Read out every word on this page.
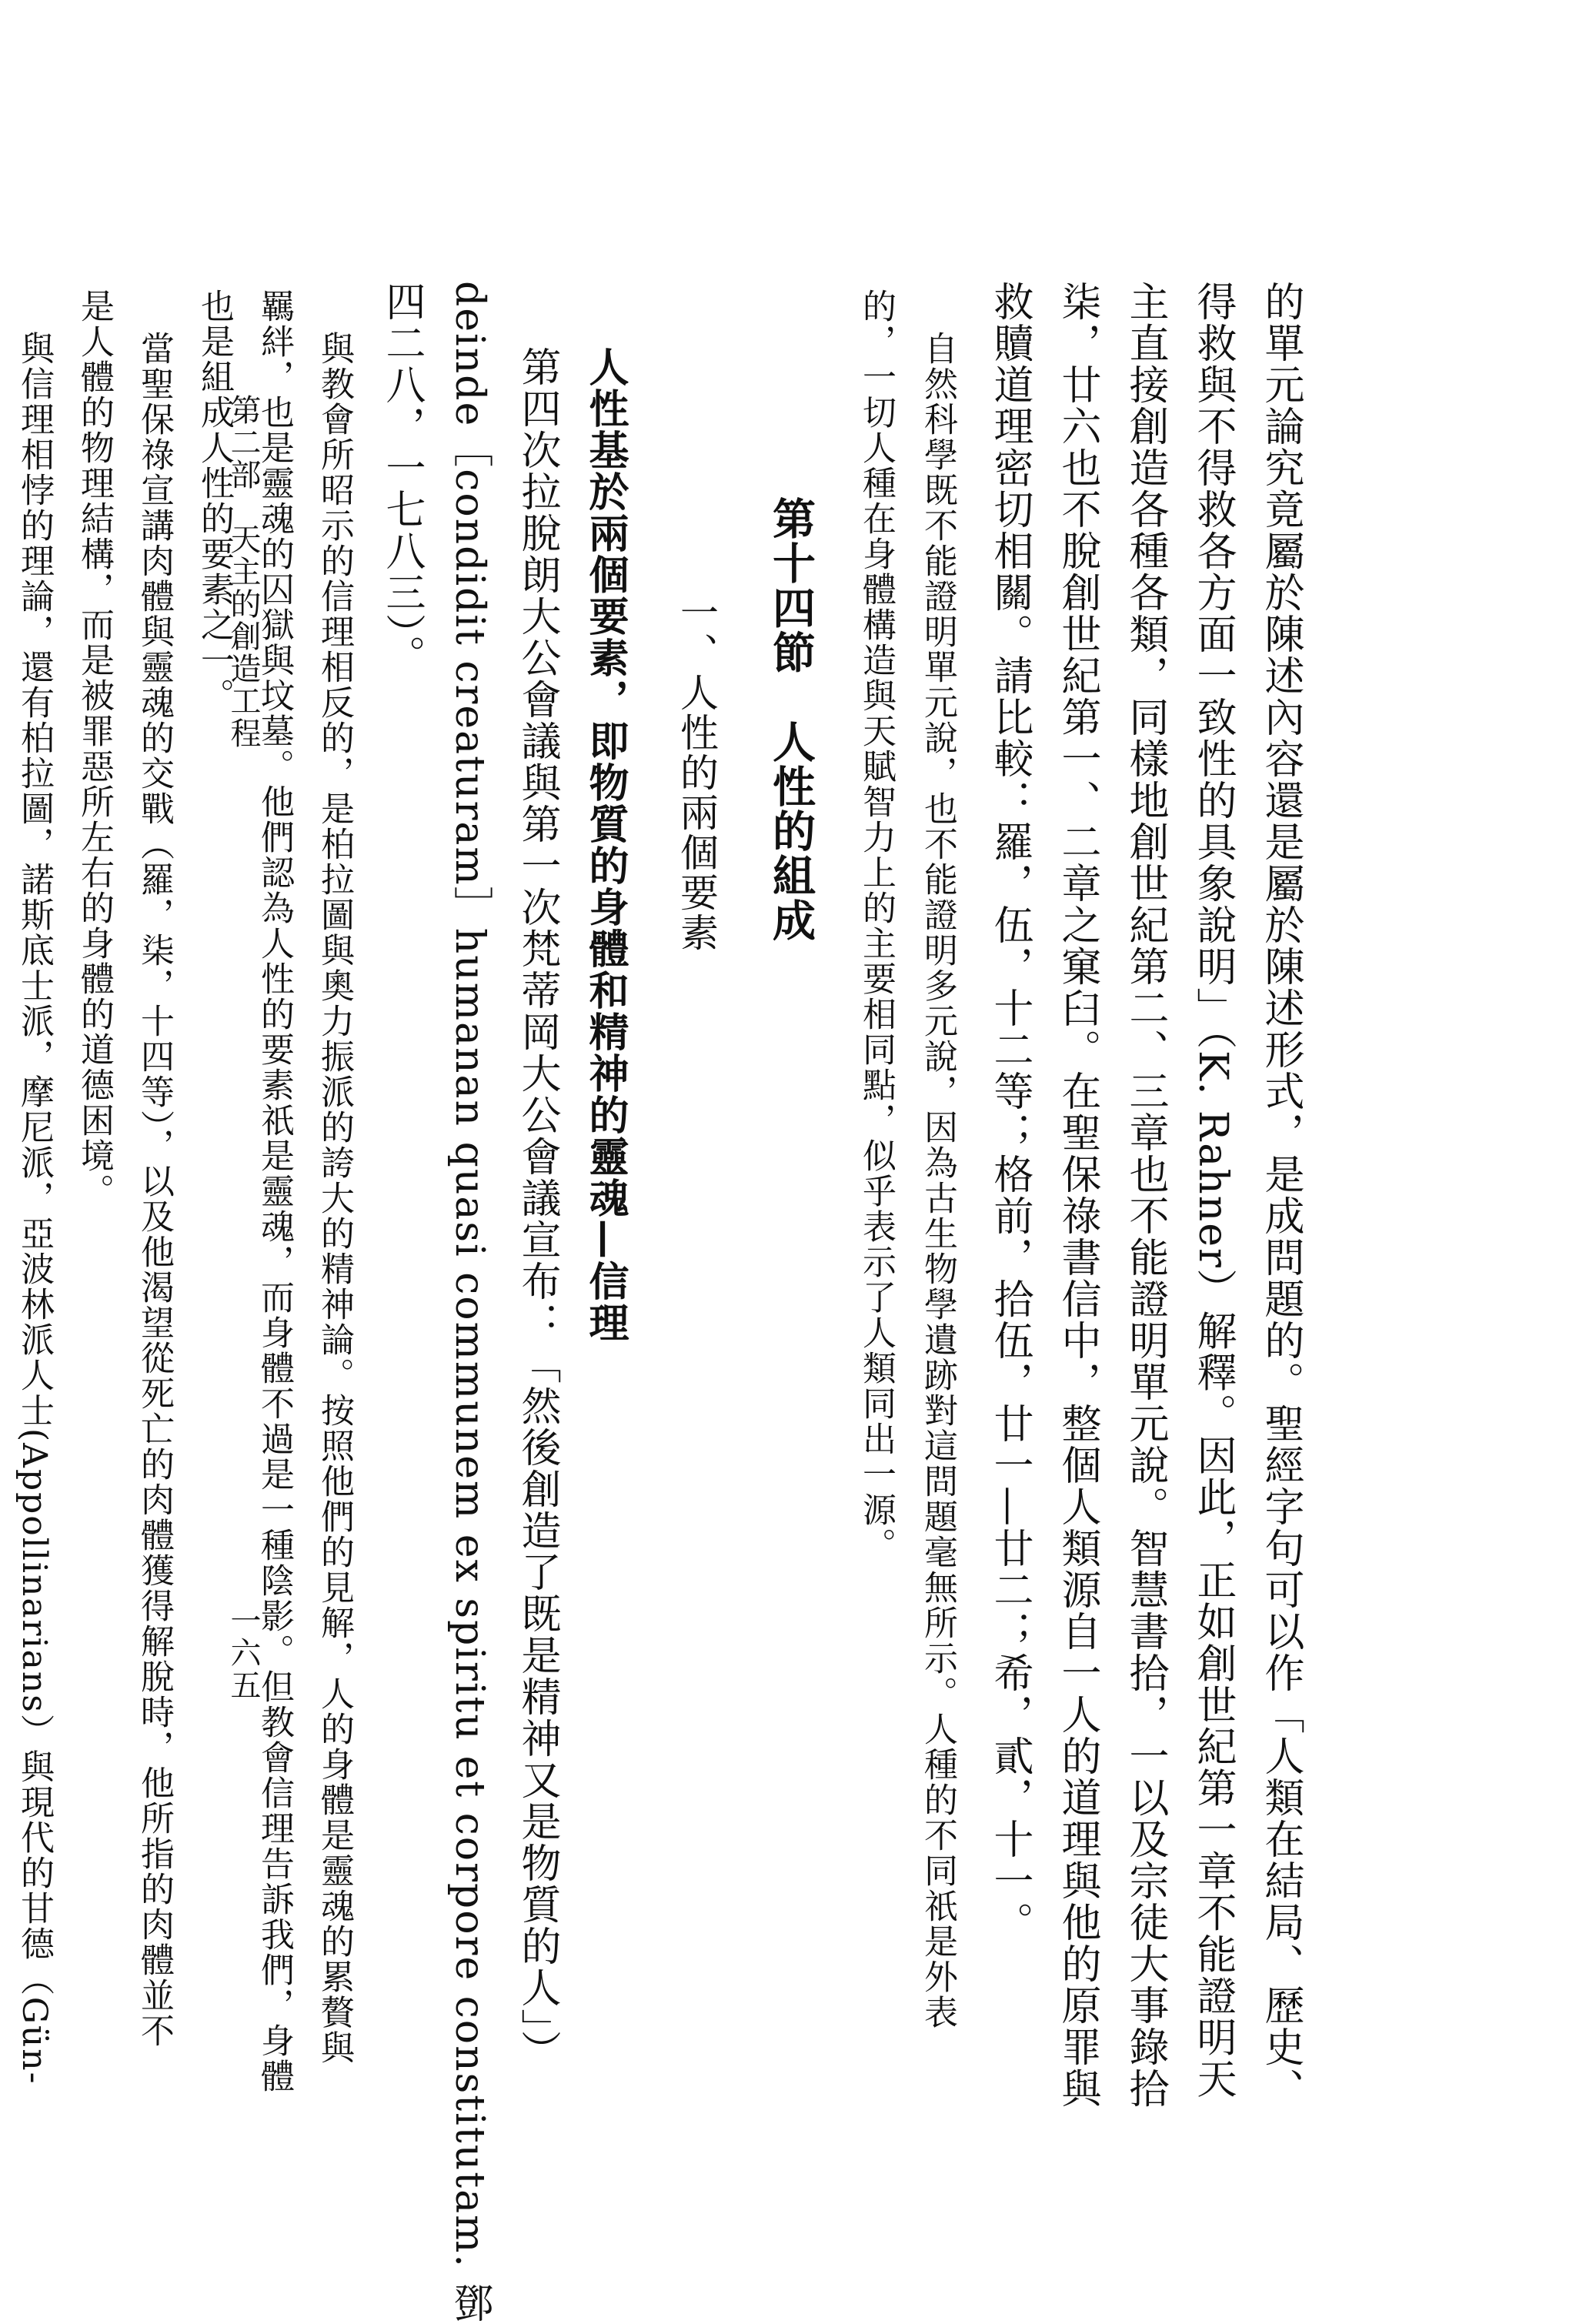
的單元論究竟屬於陳述內容還是屬於陳述形式，是成問題的。聖經字句可以作「人類在結局、歷史、
得救與不得救各方面一致性的具象說明」（K. Rahner）解釋。因此，正如創世紀第一章不能證明天
主直接創造各種各類，同樣地創世紀第二、三章也不能證明單元說。智慧書拾，一以及宗徒大事錄拾
柒，廿六也不脫創世紀第一、二章之窠臼。在聖保祿書信中，整個人類源自一人的道理與他的原罪與
救贖道理密切相關。請比較：羅，伍，十二等；格前，拾伍，廿一—廿二；希，貳，十一。
自然科學既不能證明單元說，也不能證明多元說，因為古生物學遺跡對這問題毫無所示。人種的不同祇是外表
的，一切人種在身體構造與天賦智力上的主要相同點，似乎表示了人類同出一源。
第十四節　人性的組成
一、人性的兩個要素
人性基於兩個要素，即物質的身體和精神的靈魂—信理
第四次拉脫朗大公會議與第一次梵蒂岡大公會議宣布：「然後創造了既是精神又是物質的人」）
deinde［condidit creaturam］humanan quasi communem ex spiritu et corpore constitutam. 鄧
四二八，一七八三）。
與教會所昭示的信理相反的，是柏拉圖與奧力振派的誇大的精神論。按照他們的見解，人的身體是靈魂的累贅與
羈絆，也是靈魂的囚獄與坟墓。他們認為人性的要素祇是靈魂，而身體不過是一種陰影。但教會信理告訴我們，身體
也是組成人性的要素之一。
當聖保祿宣講肉體與靈魂的交戰（羅，柒，十四等），以及他渴望從死亡的肉體獲得解脫時，他所指的肉體並不
是人體的物理結構，而是被罪惡所左右的身體的道德困境。
與信理相悖的理論，還有柏拉圖，諾斯底士派，摩尼派，亞波林派人士(Appollinarians）與現代的甘德（Gün-	第二部　天主的創造工程
一六五
